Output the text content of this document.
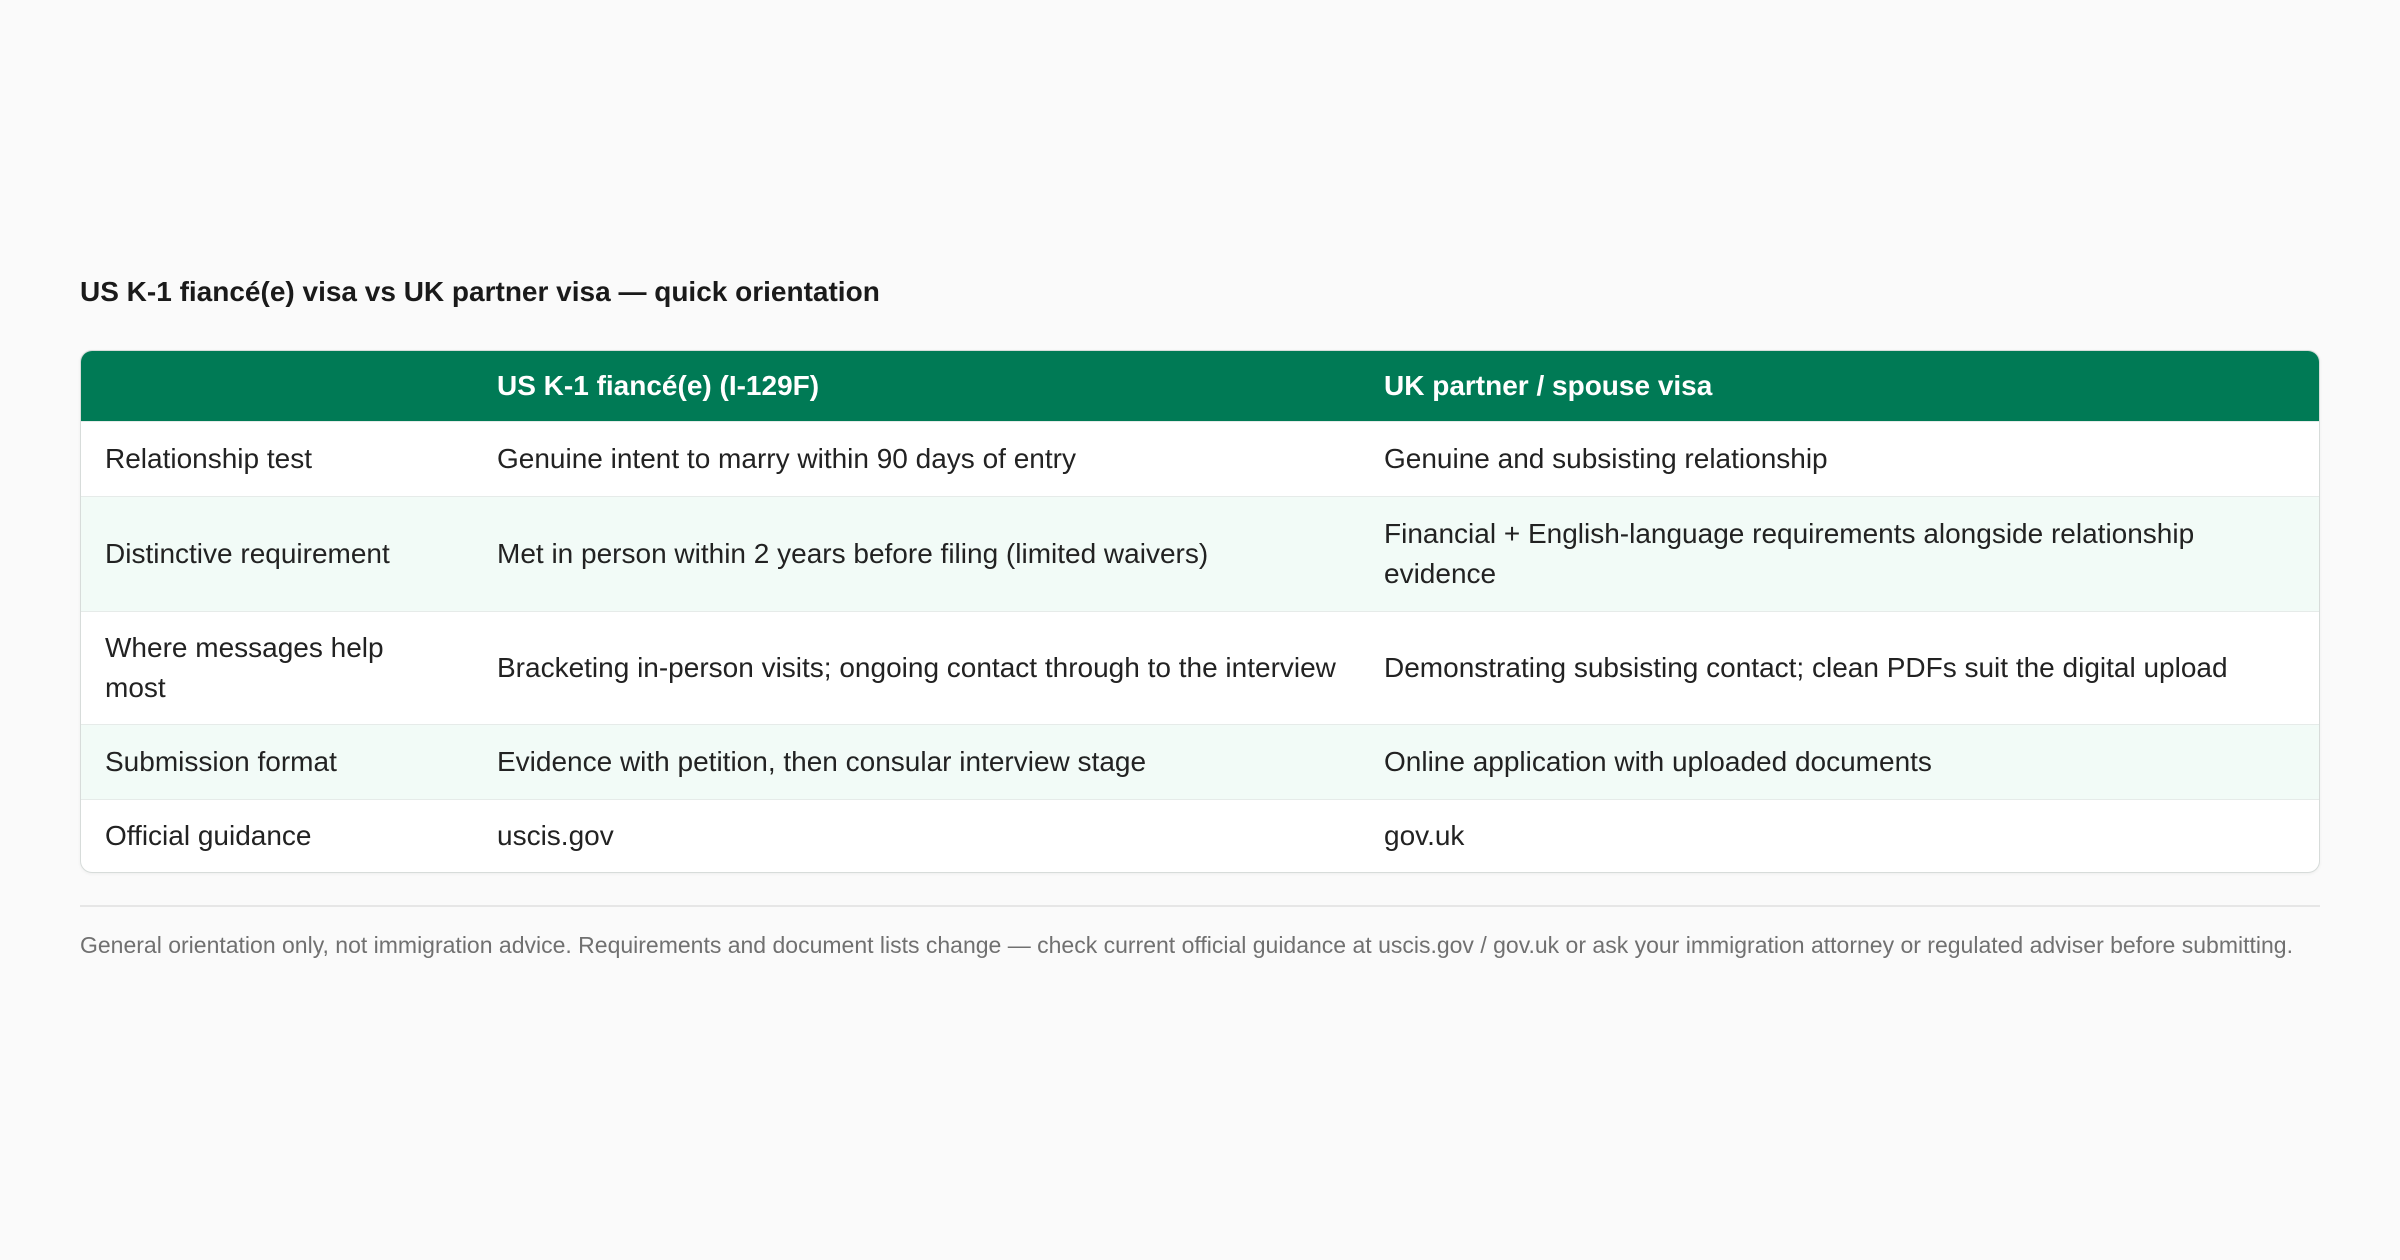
US K-1 fiancé(e) visa vs UK partner visa — quick orientation
	US K-1 fiancé(e) (I-129F)	UK partner / spouse visa
Relationship test	Genuine intent to marry within 90 days of entry	Genuine and subsisting relationship
Distinctive requirement	Met in person within 2 years before filing (limited waivers)	Financial + English-language requirements alongside relationship evidence
Where messages help most	Bracketing in-person visits; ongoing contact through to the interview	Demonstrating subsisting contact; clean PDFs suit the digital upload
Submission format	Evidence with petition, then consular interview stage	Online application with uploaded documents
Official guidance	uscis.gov	gov.uk
General orientation only, not immigration advice. Requirements and document lists change — check current official guidance at uscis.gov / gov.uk or ask your immigration attorney or regulated adviser before submitting.
